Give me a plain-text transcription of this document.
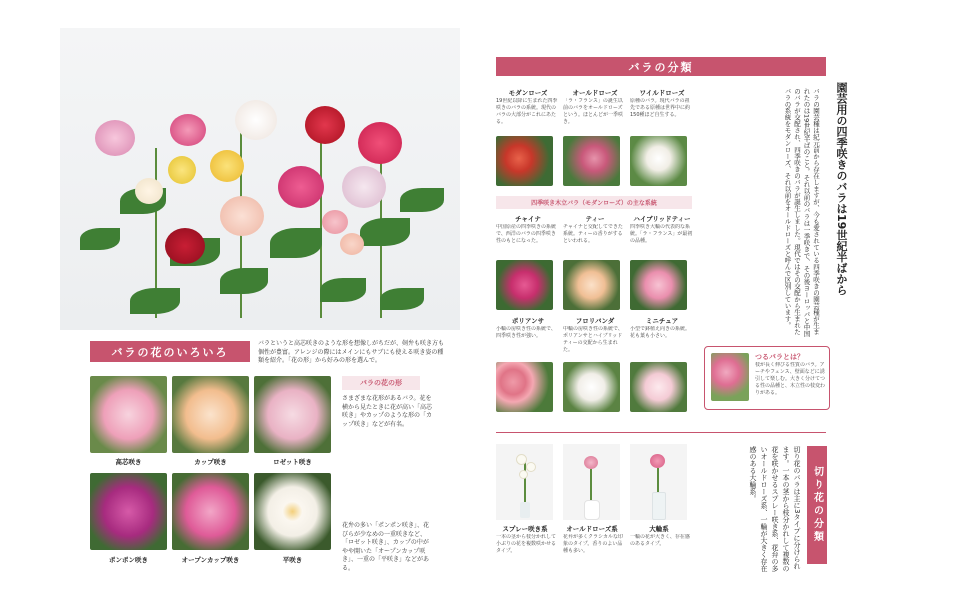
バラというと高芯咲きのような形を想像しがちだが、剣弁も咲き方も個性が豊富。アレンジの際にはメインにもサブにも使える咲き姿の種類を紹介。「花の形」から好みの形を選んで。
バラの花のいろいろ
高芯咲き	カップ咲き	ロゼット咲き
バラの花の形
さまざまな花形があるバラ。花を横から見たときに花が高い「高芯咲き」やカップのような形の「カップ咲き」などが有名。
ポンポン咲き	オープンカップ咲き	平咲き
花弁の多い「ポンポン咲き」、花びらが少なめの一重咲きなど、「ロゼット咲き」、カップの中がやや開いた「オープンカップ咲き」、一重の「平咲き」などがある。
バラの分類
園芸用の四季咲きのバラは19世紀半ばから
バラの園芸種は紀元前から存在しますが、今も愛されている四季咲きの園芸種が生まれたのは19世紀半ばのこと。それ以前のバラは一季咲きで、その後ヨーロッパと中国のバラが交配され、四季咲きのバラが誕生しました。現代ではその交配から生まれたバラの系統をモダンローズ、それ以前をオールドローズと呼んで区別しています。
モダンローズ
19世紀以降に生まれた四季咲きのバラの系統。現代のバラの大部分がこれにあたる。
オールドローズ
「ラ・フランス」の誕生以前のバラをオールドローズという。ほとんどが一季咲き。
ワイルドローズ
原種のバラ。現代バラの祖先である原種は世界中に約150種ほど自生する。
四季咲き木立バラ（モダンローズ）の主な系統
チャイナ
中国原産の四季咲きの系統で、西洋のバラの四季咲き性のもとになった。
ティー
チャイナと交配してできた系統。ティーの香りがするといわれる。
ハイブリッドティー
四季咲き大輪の代表的な系統。「ラ・フランス」が最初の品種。
ポリアンサ
小輪の房咲き性の系統で、四季咲き性が強い。
フロリバンダ
中輪の房咲き性の系統で、ポリアンサとハイブリッドティーの交配から生まれた。
ミニチュア
小型で鉢植え向きの系統。花も葉も小さい。
つるバラとは？
枝が長く伸びる性質のバラ。アーチやフェンス、壁面などに誘引して楽しむ。大きく分けてつる性の品種と、木立性の枝変わりがある。
切り花の分類
切り花のバラは主に3タイプに分けられます。一本の茎から枝分かれして複数の花を咲かせるスプレー咲き系、花弁の多いオールドローズ系、一輪が大きく存在感のある大輪系。
スプレー咲き系
一本の茎から枝分かれして小ぶりの花を複数咲かせるタイプ。
オールドローズ系
花弁が多くクラシカルな印象のタイプ。香りのよい品種も多い。
大輪系
一輪の花が大きく、存在感のあるタイプ。
